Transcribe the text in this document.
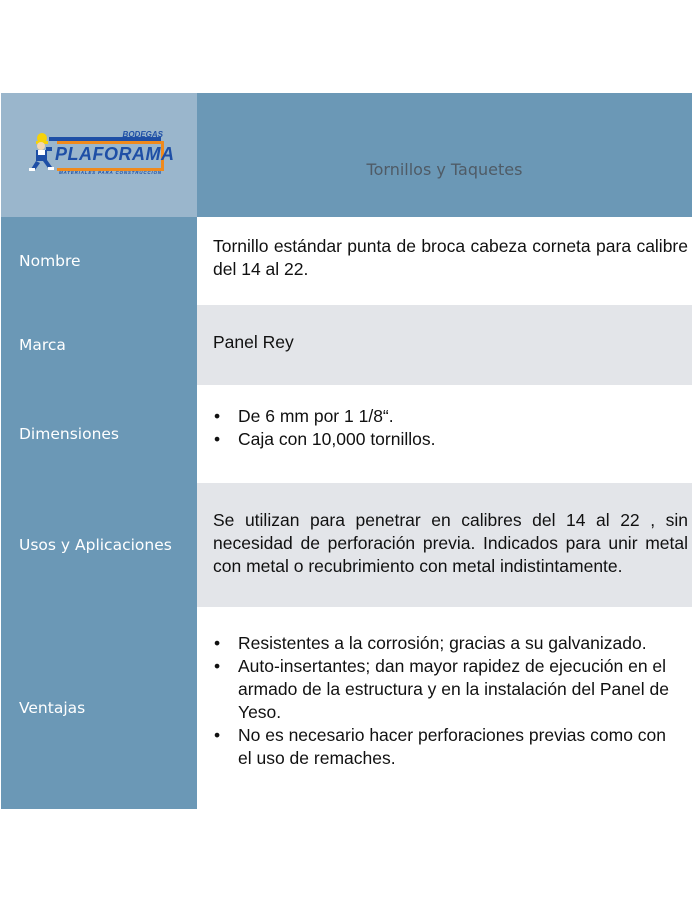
BODEGAS
PLAFORAMA
MATERIALES PARA CONSTRUCCION	Tornillos y Taquetes
Nombre

Tornillo estándar punta de broca cabeza corneta para calibre del 14 al 22.

Marca	Panel Rey

Dimensiones
• De 6 mm por 1 1/8“.
• Caja con 10,000 tornillos.
Usos y Aplicaciones

Se utilizan para penetrar en calibres del 14 al 22 , sin necesidad de perforación previa. Indicados para unir metal con metal o recubrimiento con metal indistintamente.

Ventajas
• Resistentes a la corrosión; gracias a su galvanizado.
• Auto-insertantes; dan mayor rapidez de ejecución en el armado de la estructura y en la instalación del Panel de Yeso.
• No es necesario hacer perforaciones previas como con el uso de remaches.
